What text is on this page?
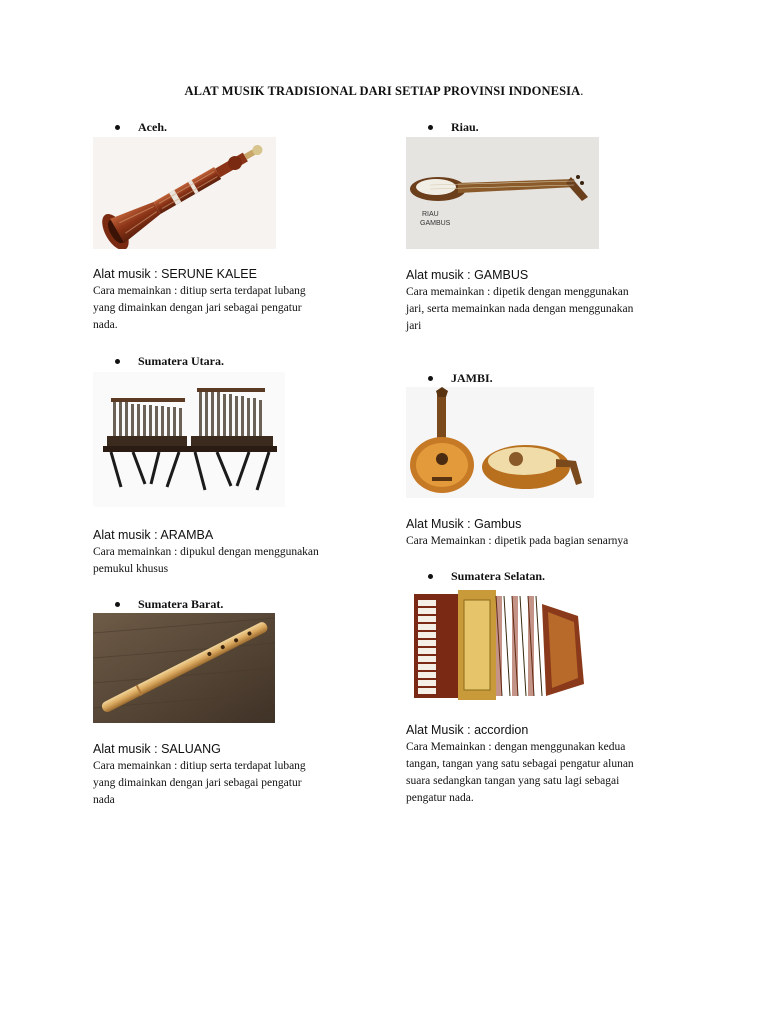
ALAT MUSIK TRADISIONAL DARI SETIAP PROVINSI INDONESIA.
Aceh.
Alat musik : SERUNE KALEE
Cara memainkan : ditiup serta terdapat lubang
yang dimainkan dengan jari sebagai pengatur
nada.
Sumatera Utara.
Alat musik : ARAMBA
Cara memainkan : dipukul dengan menggunakan
pemukul khusus
Sumatera Barat.
Alat musik : SALUANG
Cara memainkan : ditiup serta terdapat lubang
yang dimainkan dengan jari sebagai pengatur
nada
Riau.
RIAU
GAMBUS
Alat musik : GAMBUS
Cara memainkan : dipetik dengan menggunakan
jari, serta memainkan nada dengan menggunakan
jari
JAMBI.
Alat Musik : Gambus
Cara Memainkan : dipetik pada bagian senarnya
Sumatera Selatan.
Alat Musik : accordion
Cara Memainkan : dengan menggunakan kedua
tangan, tangan yang satu sebagai pengatur alunan
suara sedangkan tangan yang satu lagi sebagai
pengatur nada.
